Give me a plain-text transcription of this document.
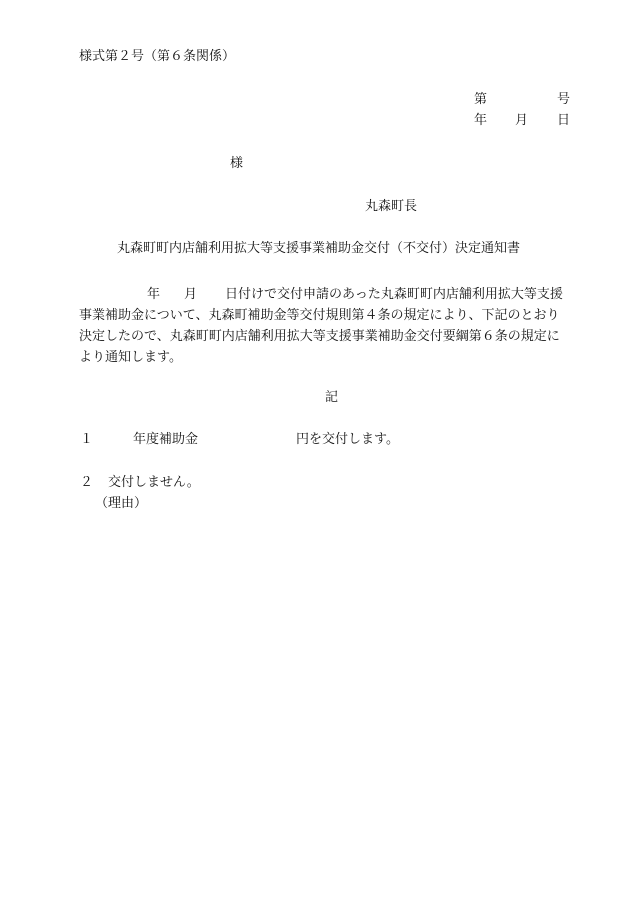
様式第２号（第６条関係）
第	号
年 月 日
様
丸森町長
丸森町町内店舗利用拡大等支援事業補助金交付（不交付）決定通知書
年 月 日付けで交付申請のあった丸森町町内店舗利用拡大等支援
事業補助金について、丸森町補助金等交付規則第４条の規定により、下記のとおり
決定したので、丸森町町内店舗利用拡大等支援事業補助金交付要綱第６条の規定に
より通知します。
記
１	年度補助金	円を交付します。
２ 交付しません。
（理由）
